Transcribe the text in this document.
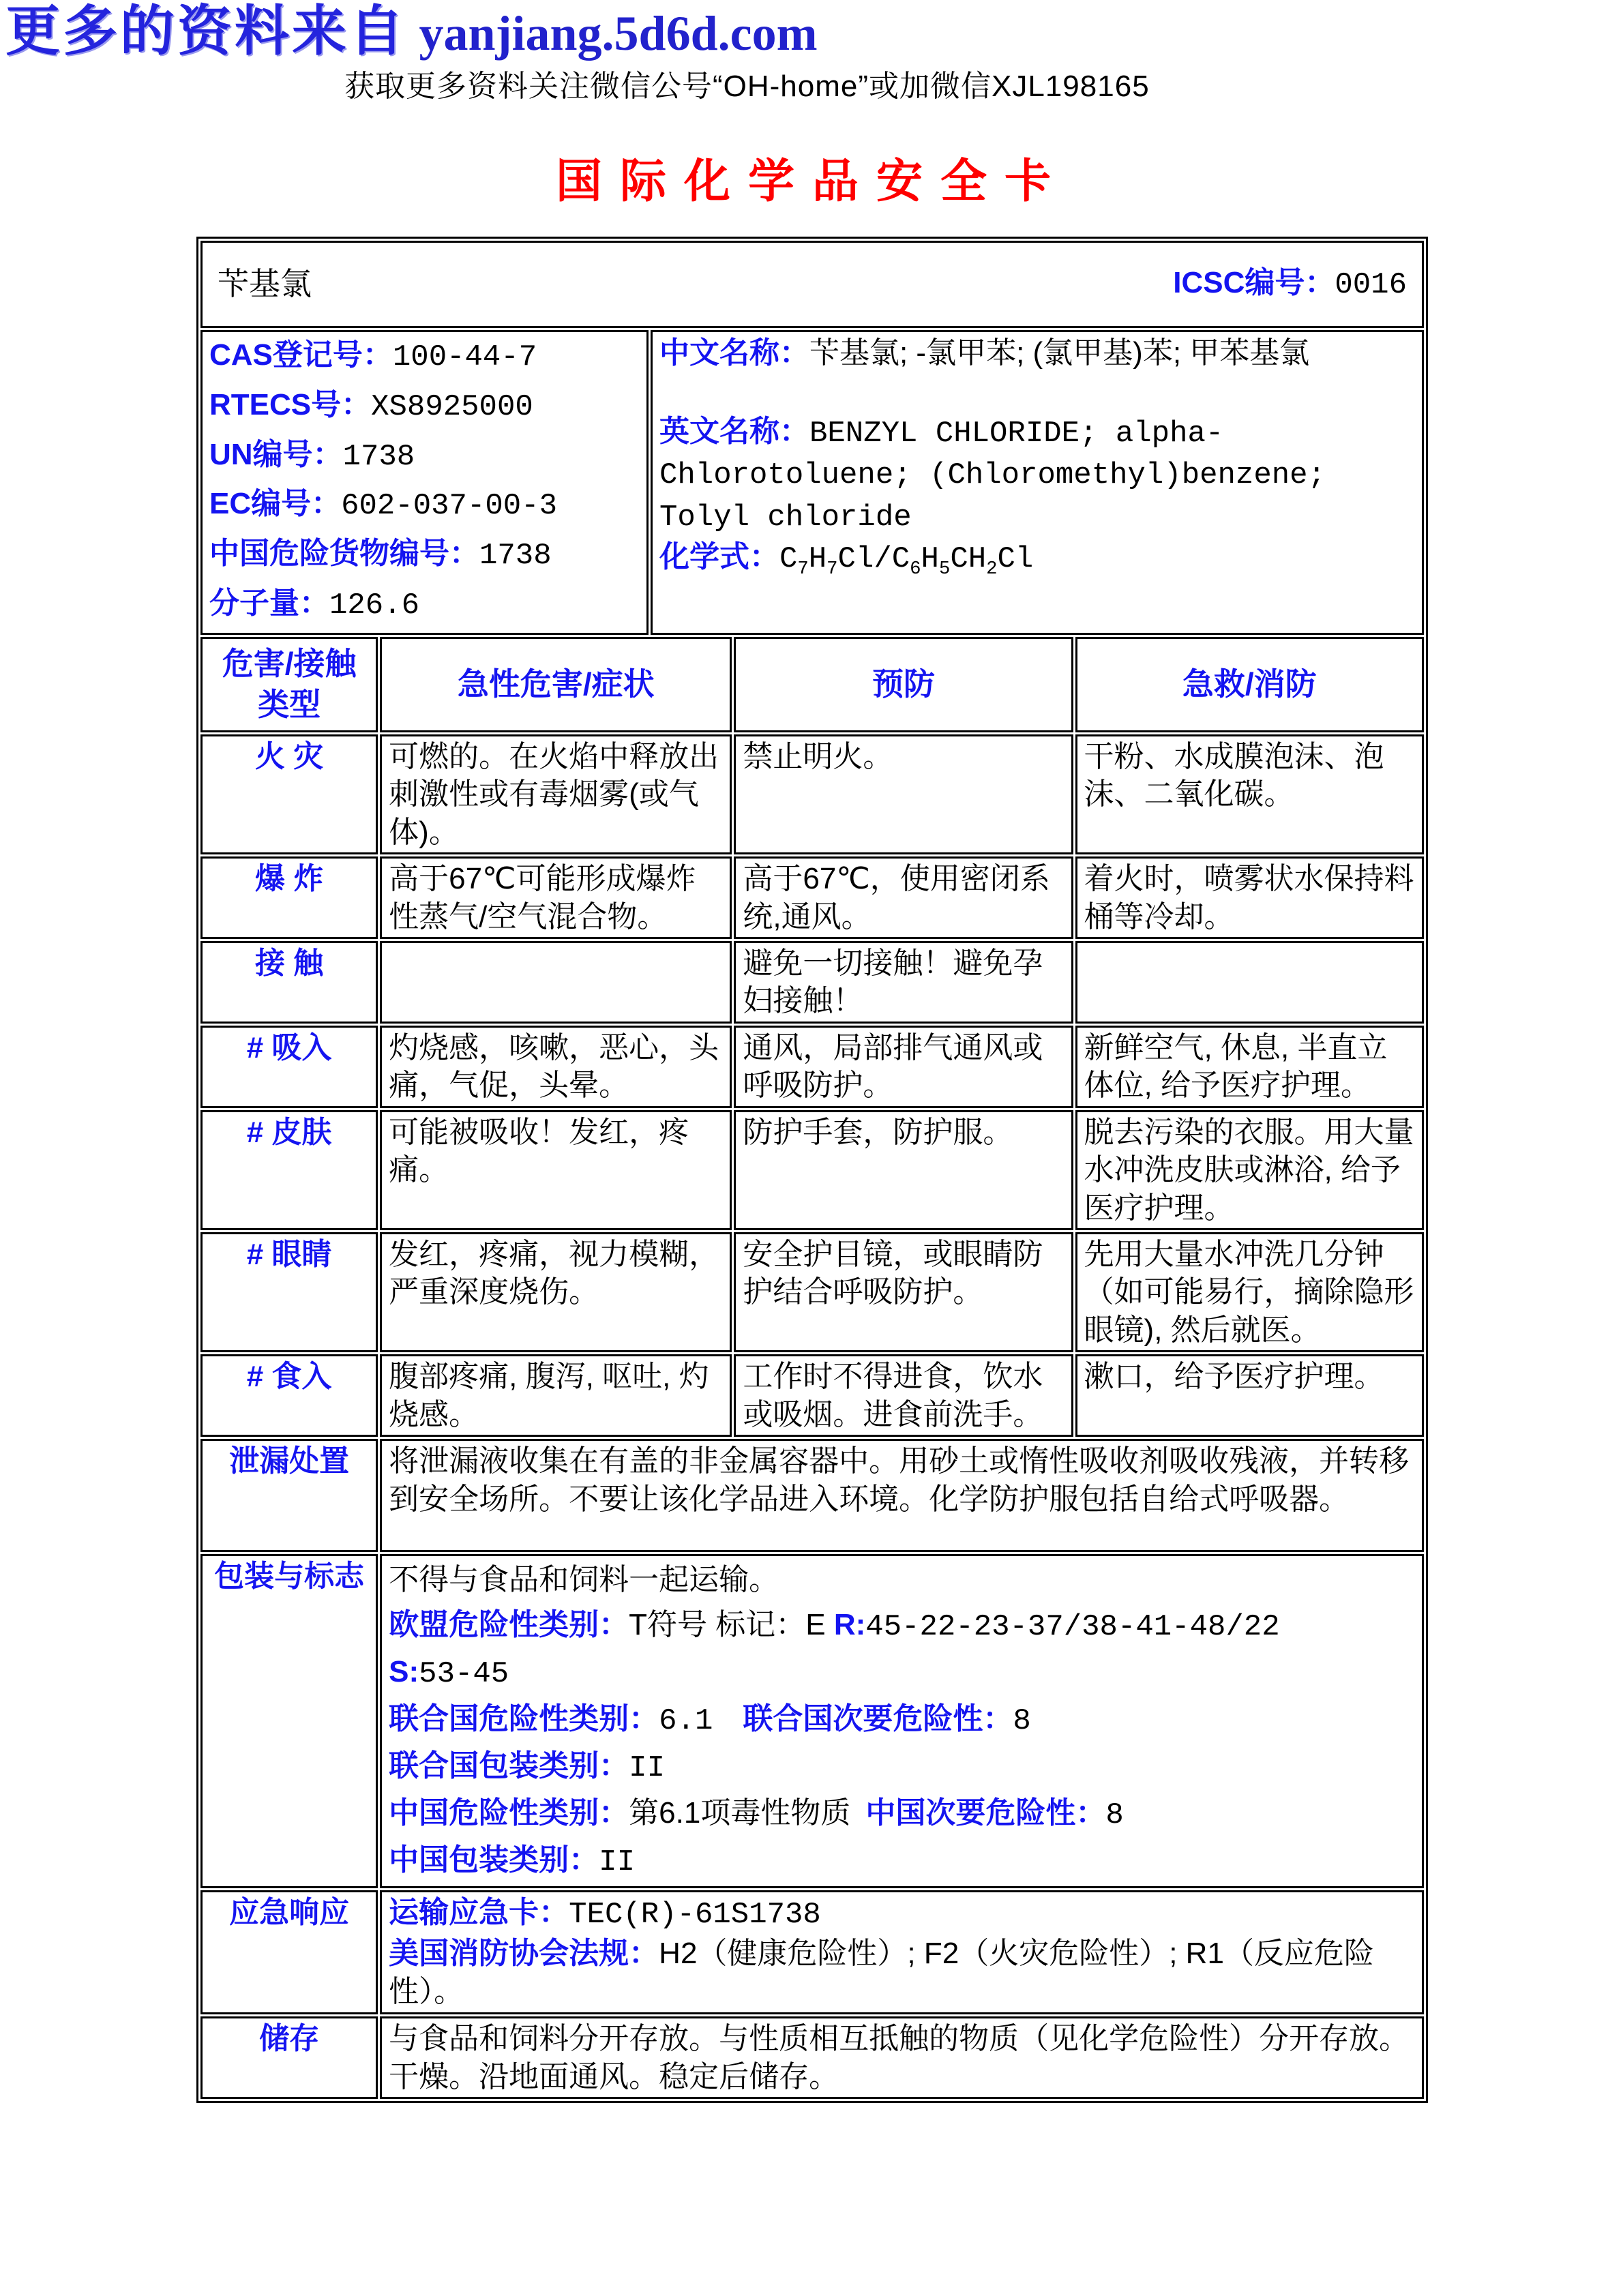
更多的资料来自 yanjiang.5d6d.com
获取更多资料关注微信公号“OH-home”或加微信XJL198165
国际化学品安全卡
苄基氯 ICSC编号：0016				

CAS登记号：100-44-7
RTECS号：XS8925000
UN编号：1738
EC编号：602-037-00-3
中国危险货物编号：1738
分子量：126.6

中文名称：苄基氯; -氯甲苯; (氯甲基)苯; 甲苯基氯

英文名称：BENZYL CHLORIDE; alpha-Chlorotoluene; (Chloromethyl)benzene; Tolyl chloride

化学式：$C_7H_7Cl/C_6H_5CH_2Cl$

危害/接触类型	急性危害/症状		预防	急救/消防
火 灾	可燃的。在火焰中释放出刺激性或有毒烟雾(或气体)。		禁止明火。	干粉、水成膜泡沫、泡沫、二氧化碳。
爆 炸	高于67℃可能形成爆炸性蒸气/空气混合物。		高于67℃，使用密闭系统,通风。	着火时，喷雾状水保持料桶等冷却。
接 触			避免一切接触！避免孕妇接触！	
# 吸入	灼烧感，咳嗽，恶心，头痛，气促，头晕。		通风，局部排气通风或呼吸防护。	新鲜空气, 休息, 半直立体位, 给予医疗护理。
# 皮肤	可能被吸收！发红，疼痛。		防护手套，防护服。	脱去污染的衣服。用大量水冲洗皮肤或淋浴, 给予医疗护理。
# 眼睛	发红，疼痛，视力模糊，严重深度烧伤。		安全护目镜，或眼睛防护结合呼吸防护。	先用大量水冲洗几分钟（如可能易行，摘除隐形眼镜), 然后就医。
# 食入	腹部疼痛, 腹泻, 呕吐, 灼烧感。		工作时不得进食，饮水或吸烟。进食前洗手。	漱口，给予医疗护理。
泄漏处置	将泄漏液收集在有盖的非金属容器中。用砂土或惰性吸收剂吸收残液，并转移到安全场所。不要让该化学品进入环境。化学防护服包括自给式呼吸器。			
包装与标志	不得与食品和饲料一起运输。

欧盟危险性类别：T符号 标记：E R:45-22-23-37/38-41-48/22

S:53-45

联合国危险性类别：6.1 联合国次要危险性：8

联合国包装类别：II

中国危险性类别：第6.1项毒性物质 中国次要危险性：8

中国包装类别：II

应急响应	运输应急卡：TEC(R)-61S1738

美国消防协会法规：H2（健康危险性）; F2（火灾危险性）; R1（反应危险性）。			

储存	与食品和饲料分开存放。与性质相互抵触的物质（见化学危险性）分开存放。干燥。沿地面通风。稳定后储存。			
